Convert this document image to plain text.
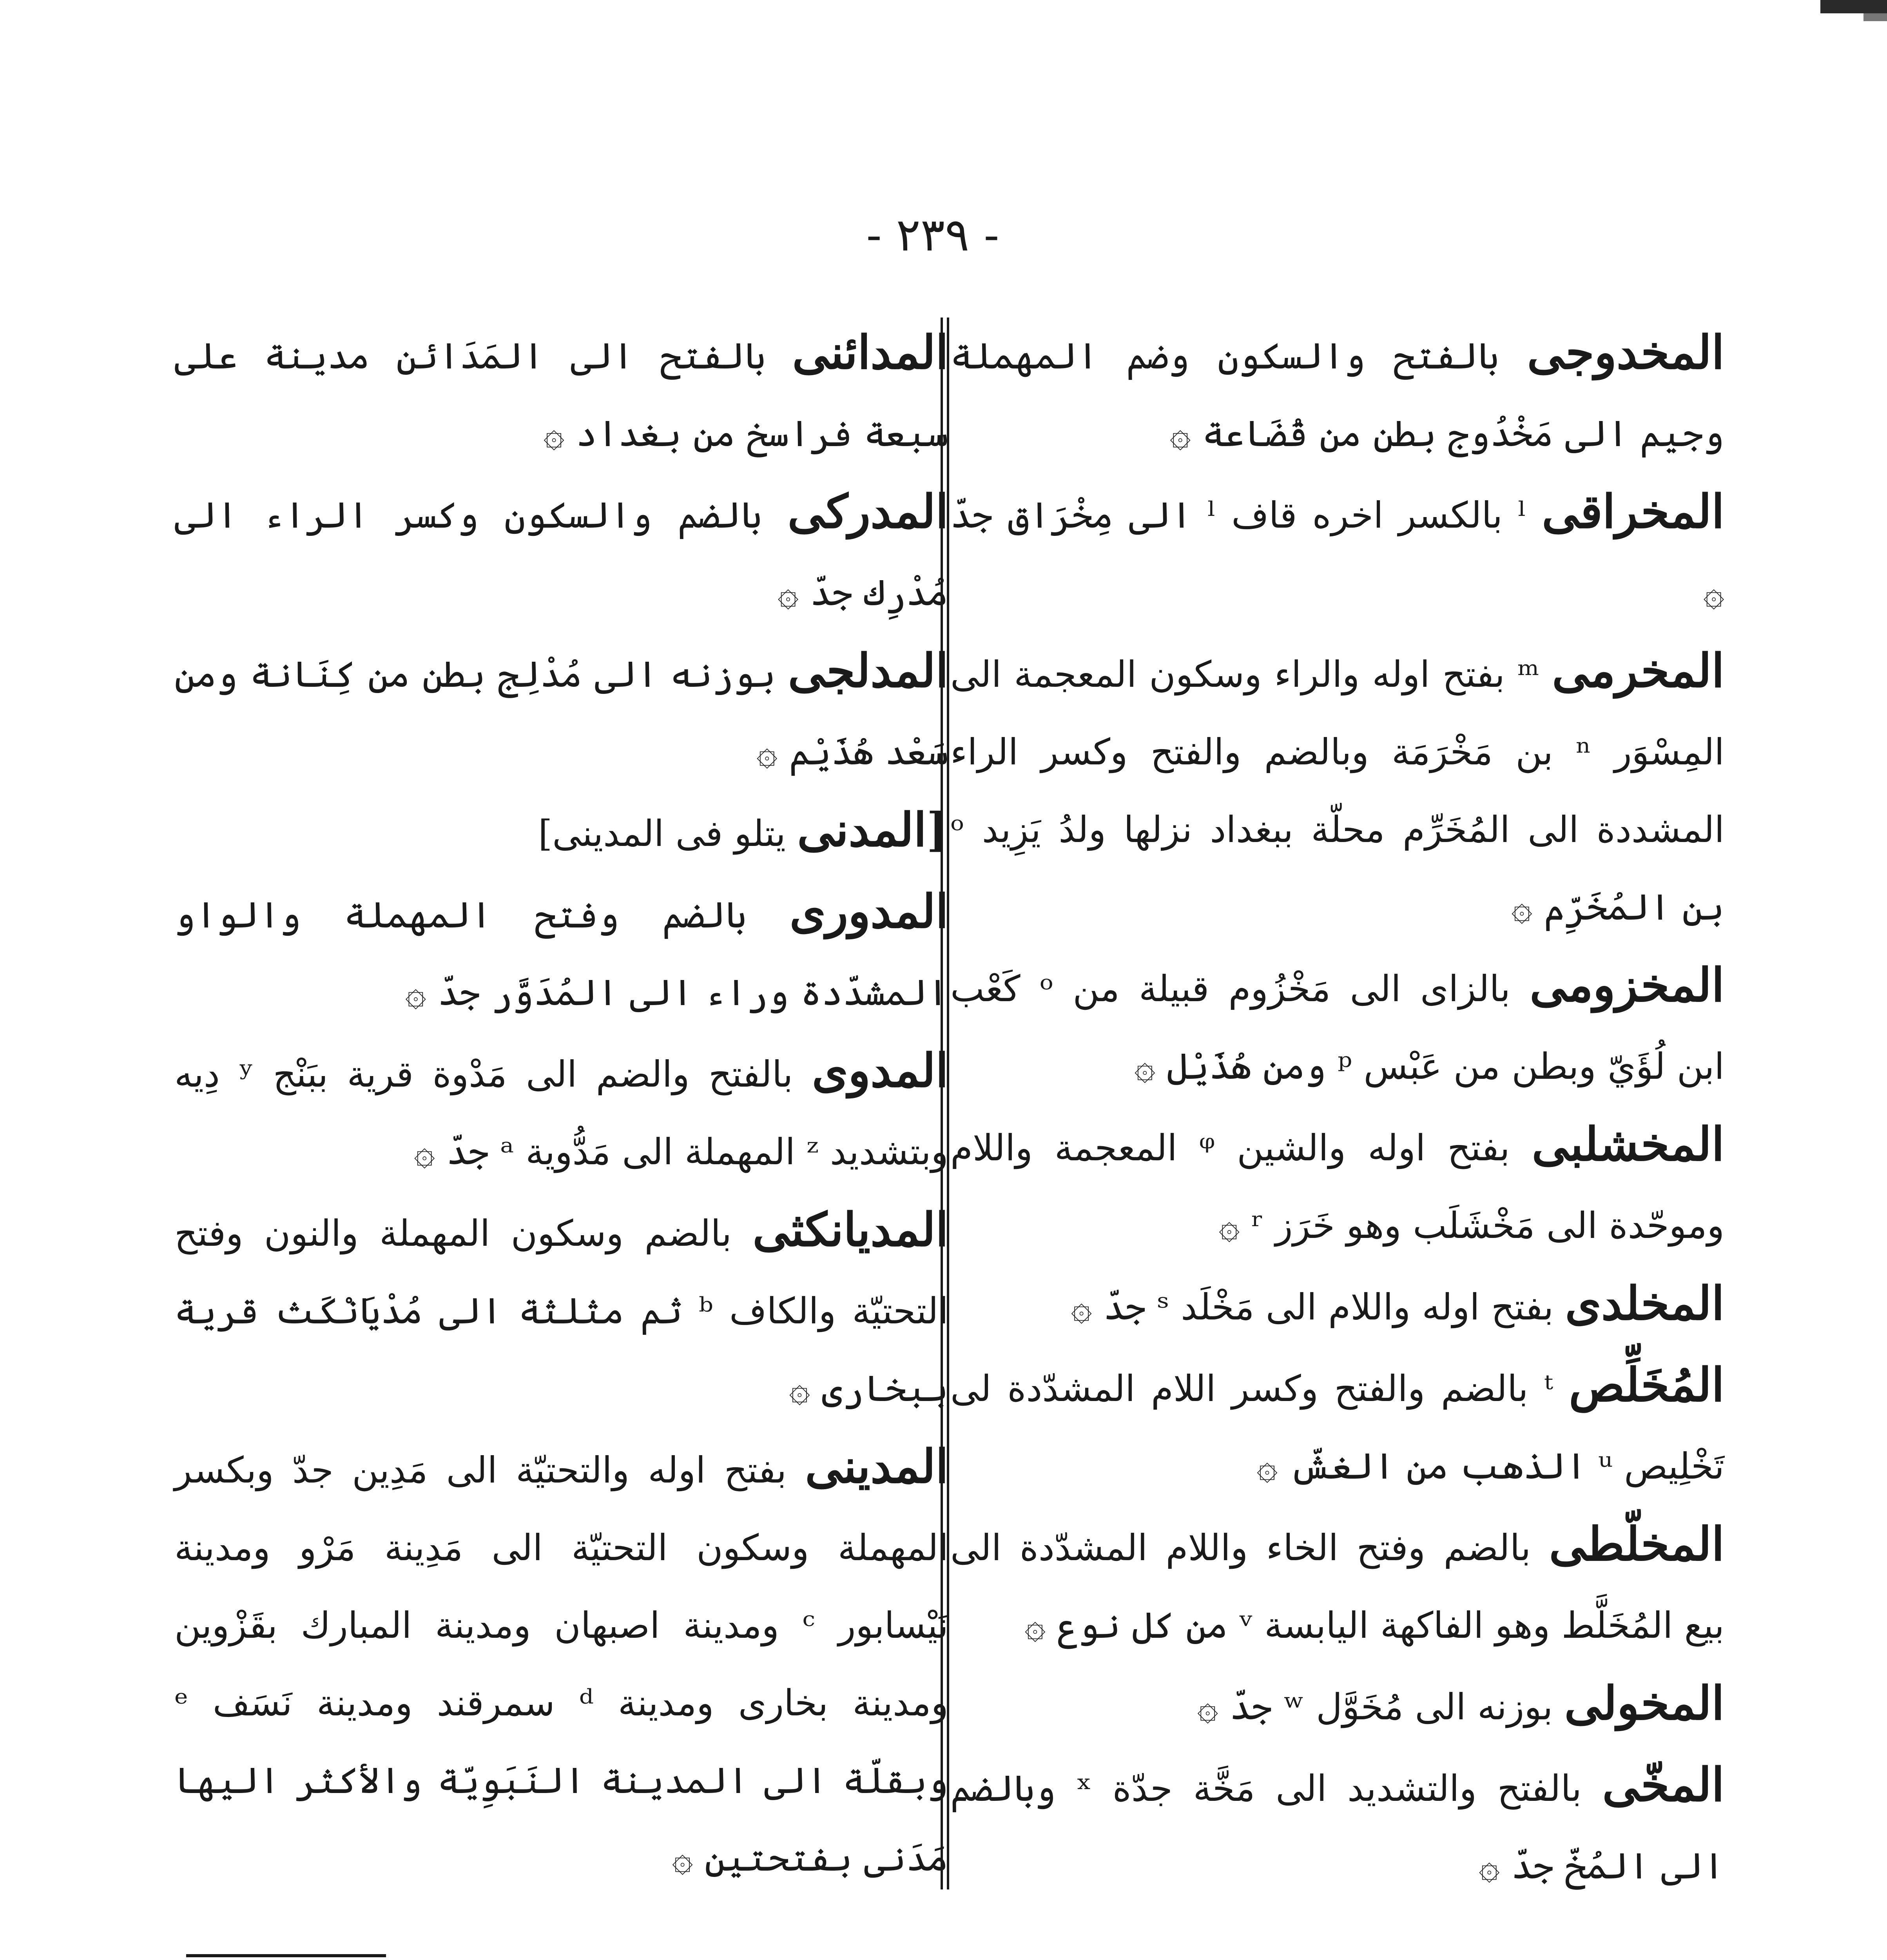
- ٢٣٩ -

المخدوجى بالفتح والسكون وضم المهملة وجيم الى مَخْدُوج بطن من قُضَاعة ۞

المخراقى ˡ بالكسر اخره قاف ˡ الى مِخْرَاق جدّ ۞

المخرمى ᵐ بفتح اوله والراء وسكون المعجمة الى المِسْوَر ⁿ بن مَخْرَمَة وبالضم والفتح وكسر الراء المشددة الى المُخَرِّم محلّة ببغداد نزلها ولدُ يَزِيد ᵒ بن المُخَرِّم ۞

المخزومى بالزاى الى مَخْزُوم قبيلة من ᵒ كَعْب ابن لُؤَيّ وبطن من عَبْس ᵖ ومن هُذَيْل ۞

المخشلبى بفتح اوله والشين ᵠ المعجمة واللام وموحّدة الى مَخْشَلَب وهو خَرَز ʳ ۞

المخلدى بفتح اوله واللام الى مَخْلَد ˢ جدّ ۞

المُخَلِّص ᵗ بالضم والفتح وكسر اللام المشدّدة لى تَخْلِيص ᵘ الذهب من الغشّ ۞

المخلّطى بالضم وفتح الخاء واللام المشدّدة الى بيع المُخَلَّط وهو الفاكهة اليابسة ᵛ من كل نوع ۞

المخولى بوزنه الى مُخَوَّل ʷ جدّ ۞

المخّى بالفتح والتشديد الى مَخَّة جدّة ˣ وبالضم الى المُخّ جدّ ۞

المدائنى بالفتح الى المَدَائن مدينة على سبعة فراسخ من بغداد ۞

المدركى بالضم والسكون وكسر الراء الى مُدْرِك جدّ ۞

المدلجى بوزنه الى مُدْلِج بطن من كِنَانة ومن سَعْد هُذَيْم ۞

[المدنى يتلو فى المدينى]

المدورى بالضم وفتح المهملة والواو المشدّدة وراء الى المُدَوَّر جدّ ۞

المدوى بالفتح والضم الى مَدْوة قرية ببَنْج ʸ دِيه وبتشديد ᶻ المهملة الى مَدُّوية ᵃ جدّ ۞

المديانكثى بالضم وسكون المهملة والنون وفتح التحتيّة والكاف ᵇ ثم مثلثة الى مُدْيَانْكَث قرية ببخارى ۞

المدينى بفتح اوله والتحتيّة الى مَدِين جدّ وبكسر المهملة وسكون التحتيّة الى مَدِينة مَرْو ومدينة نَيْسابور ᶜ ومدينة اصبهان ومدينة المبارك بقَزْوين ومدينة بخارى ومدينة ᵈ سمرقند ومدينة نَسَف ᵉ وبقلّة الى المدينة النَبَوِيّة والأكثر اليها مَدَنى بفتحتين ۞
